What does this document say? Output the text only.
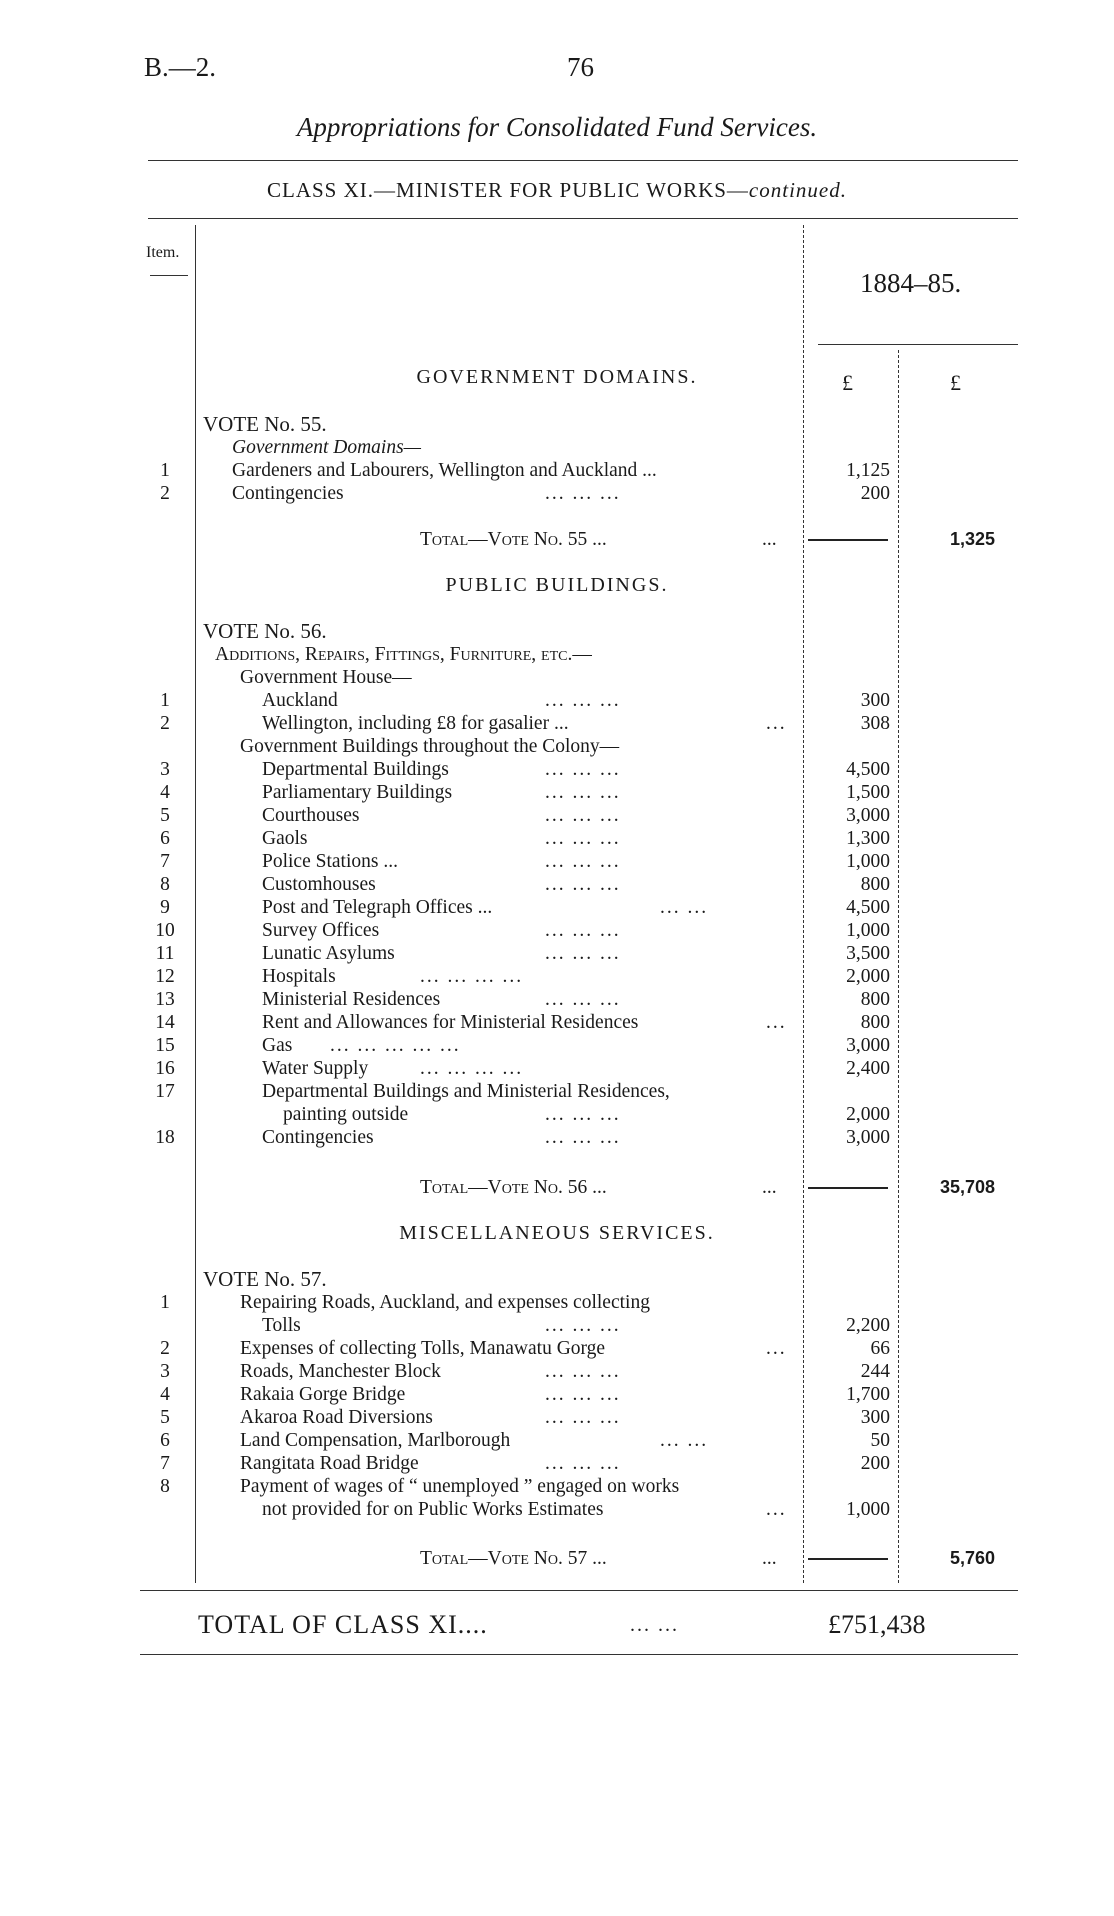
B.—2.	76
Appropriations for Consolidated Fund Services.
CLASS XI.—MINISTER FOR PUBLIC WORKS—continued.
Item.
1884–85.
£	£
GOVERNMENT DOMAINS.
VOTE No. 55.
Government Domains—
1	Gardeners and Labourers, Wellington and Auckland ...	1,125
2	Contingencies	... ... ...	200
Total—Vote No. 55 ...	...	1,325
PUBLIC BUILDINGS.
VOTE No. 56.
Additions, Repairs, Fittings, Furniture, etc.—
Government House—
1	Auckland	... ... ...	300
2	Wellington, including £8 for gasalier ...	...	308
Government Buildings throughout the Colony—
3	Departmental Buildings	... ... ...	4,500
4	Parliamentary Buildings	... ... ...	1,500
5	Courthouses	... ... ...	3,000
6	Gaols	... ... ...	1,300
7	Police Stations ...	... ... ...	1,000
8	Customhouses	... ... ...	800
9	Post and Telegraph Offices ...	... ...	4,500
10	Survey Offices	... ... ...	1,000
11	Lunatic Asylums	... ... ...	3,500
12	Hospitals	... ... ... ...	2,000
13	Ministerial Residences	... ... ...	800
14	Rent and Allowances for Ministerial Residences	...	800
15	Gas ... ... ... ... ...	3,000
16	Water Supply	... ... ... ...	2,400
17	Departmental Buildings and Ministerial Residences,
painting outside	... ... ...	2,000
18	Contingencies	... ... ...	3,000
Total—Vote No. 56 ...	...	35,708
MISCELLANEOUS SERVICES.
VOTE No. 57.
1	Repairing Roads, Auckland, and expenses collecting
Tolls	... ... ...	2,200
2	Expenses of collecting Tolls, Manawatu Gorge	...	66
3	Roads, Manchester Block	... ... ...	244
4	Rakaia Gorge Bridge	... ... ...	1,700
5	Akaroa Road Diversions	... ... ...	300
6	Land Compensation, Marlborough	... ...	50
7	Rangitata Road Bridge	... ... ...	200
8	Payment of wages of “ unemployed ” engaged on works
not provided for on Public Works Estimates	...	1,000
Total—Vote No. 57 ...	...	5,760
TOTAL OF CLASS XI....	... ...	£751,438
